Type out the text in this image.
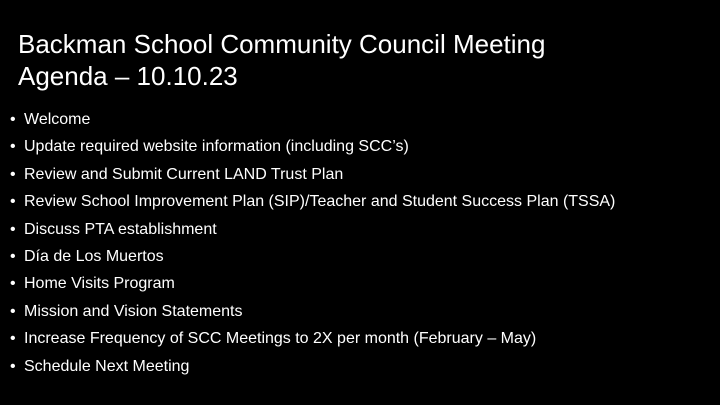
Backman School Community Council Meeting
Agenda – 10.10.23
• Welcome
• Update required website information (including SCC’s)
• Review and Submit Current LAND Trust Plan
• Review School Improvement Plan (SIP)/Teacher and Student Success Plan (TSSA)
• Discuss PTA establishment
• Día de Los Muertos
• Home Visits Program
• Mission and Vision Statements
• Increase Frequency of SCC Meetings to 2X per month (February – May)
• Schedule Next Meeting
